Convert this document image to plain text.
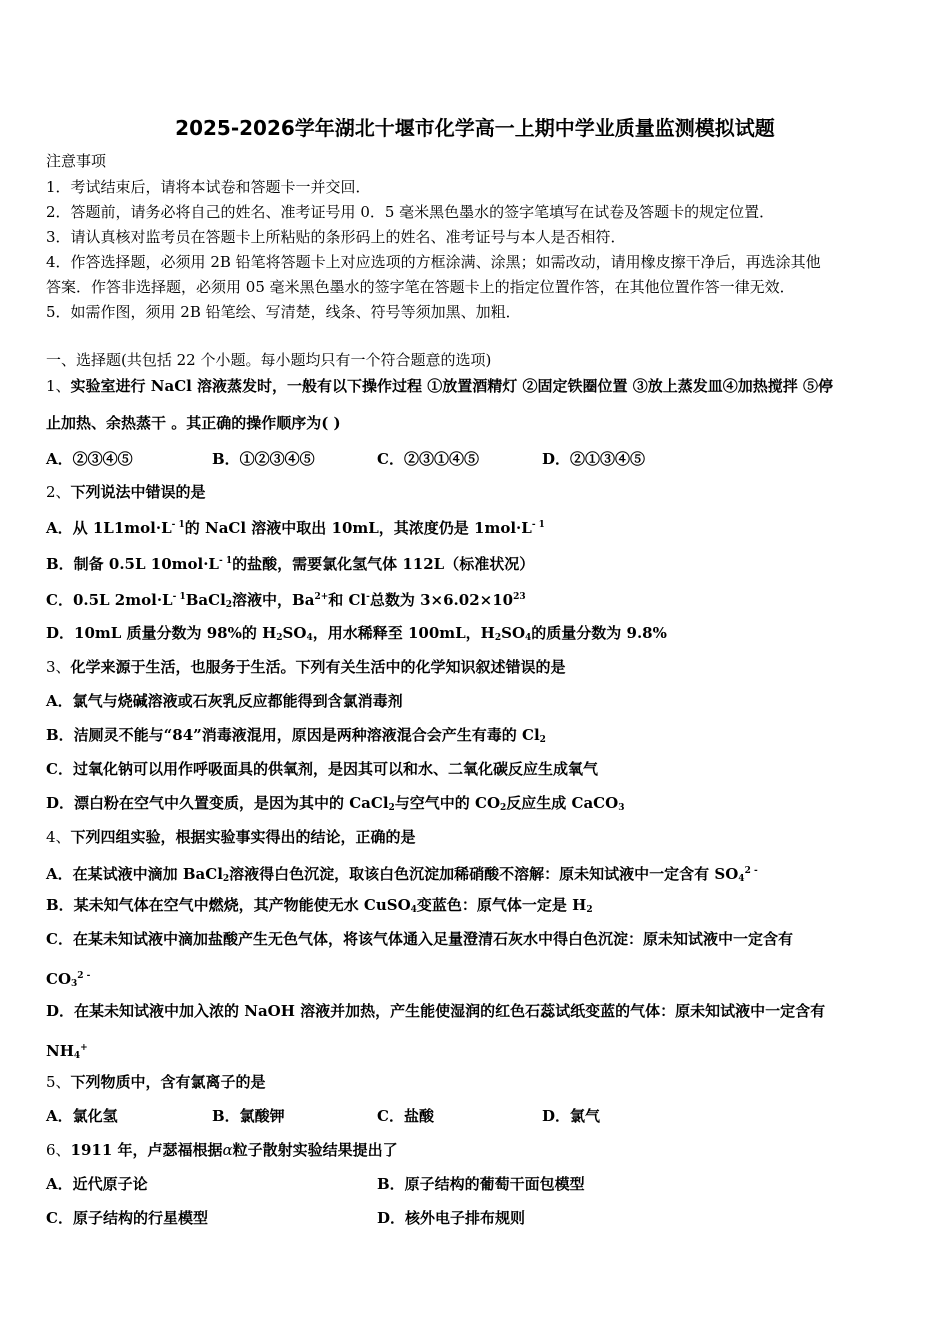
2025-2026学年湖北十堰市化学高一上期中学业质量监测模拟试题
注意事项
1．考试结束后，请将本试卷和答题卡一并交回．
2．答题前，请务必将自己的姓名、准考证号用 0．5 毫米黑色墨水的签字笔填写在试卷及答题卡的规定位置．
3．请认真核对监考员在答题卡上所粘贴的条形码上的姓名、准考证号与本人是否相符．
4．作答选择题，必须用 2B 铅笔将答题卡上对应选项的方框涂满、涂黑；如需改动，请用橡皮擦干净后，再选涂其他
答案．作答非选择题，必须用 05 毫米黑色墨水的签字笔在答题卡上的指定位置作答，在其他位置作答一律无效．
5．如需作图，须用 2B 铅笔绘、写清楚，线条、符号等须加黑、加粗．
一、选择题(共包括 22 个小题。每小题均只有一个符合题意的选项)
1、实验室进行 NaCl 溶液蒸发时，一般有以下操作过程 ①放置酒精灯 ②固定铁圈位置 ③放上蒸发皿④加热搅拌 ⑤停
止加热、余热蒸干 。其正确的操作顺序为( )
A．②③④⑤	B．①②③④⑤	C．②③①④⑤	D．②①③④⑤
2、下列说法中错误的是
A．从 $1L1mol\cdot L^{- 1}$的 NaCl 溶液中取出 10mL，其浓度仍是 $1mol\cdot L^{- 1}$
B．制备 0.5L $10mol\cdot L^{- 1}$的盐酸，需要氯化氢气体 112L（标准状况）
C．0.5L $2mol\cdot L^{- 1}BaCl_2$溶液中，$Ba^{2+}$和 Cl-总数为 $3\times 6.02\times 10^{23}$
D．10mL 质量分数为 98%的 $H_2SO_4$，用水稀释至 100mL，$H_2SO_4$的质量分数为 9.8%
3、化学来源于生活，也服务于生活。下列有关生活中的化学知识叙述错误的是
A．氯气与烧碱溶液或石灰乳反应都能得到含氯消毒剂
B．洁厕灵不能与“84”消毒液混用，原因是两种溶液混合会产生有毒的 $Cl_2$
C．过氧化钠可以用作呼吸面具的供氧剂，是因其可以和水、二氧化碳反应生成氧气
D．漂白粉在空气中久置变质，是因为其中的 CaCl$_2$与空气中的 $CO_2$反应生成 CaCO$_3$
4、下列四组实验，根据实验事实得出的结论，正确的是
A．在某试液中滴加 BaCl$_2$溶液得白色沉淀，取该白色沉淀加稀硝酸不溶解：原未知试液中一定含有 $SO_4^{2 -}$
B．某未知气体在空气中燃烧，其产物能使无水 CuSO$_4$变蓝色：原气体一定是 $H_2$
C．在某未知试液中滴加盐酸产生无色气体，将该气体通入足量澄清石灰水中得白色沉淀：原未知试液中一定含有
$CO_3^{2 -}$
D．在某未知试液中加入浓的 NaOH 溶液并加热，产生能使湿润的红色石蕊试纸变蓝的气体：原未知试液中一定含有
$NH_4^+$
5、下列物质中，含有氯离子的是
A．氯化氢	B．氯酸钾	C．盐酸	D．氯气
6、1911 年，卢瑟福根据α粒子散射实验结果提出了
A．近代原子论	B．原子结构的葡萄干面包模型
C．原子结构的行星模型	D．核外电子排布规则
